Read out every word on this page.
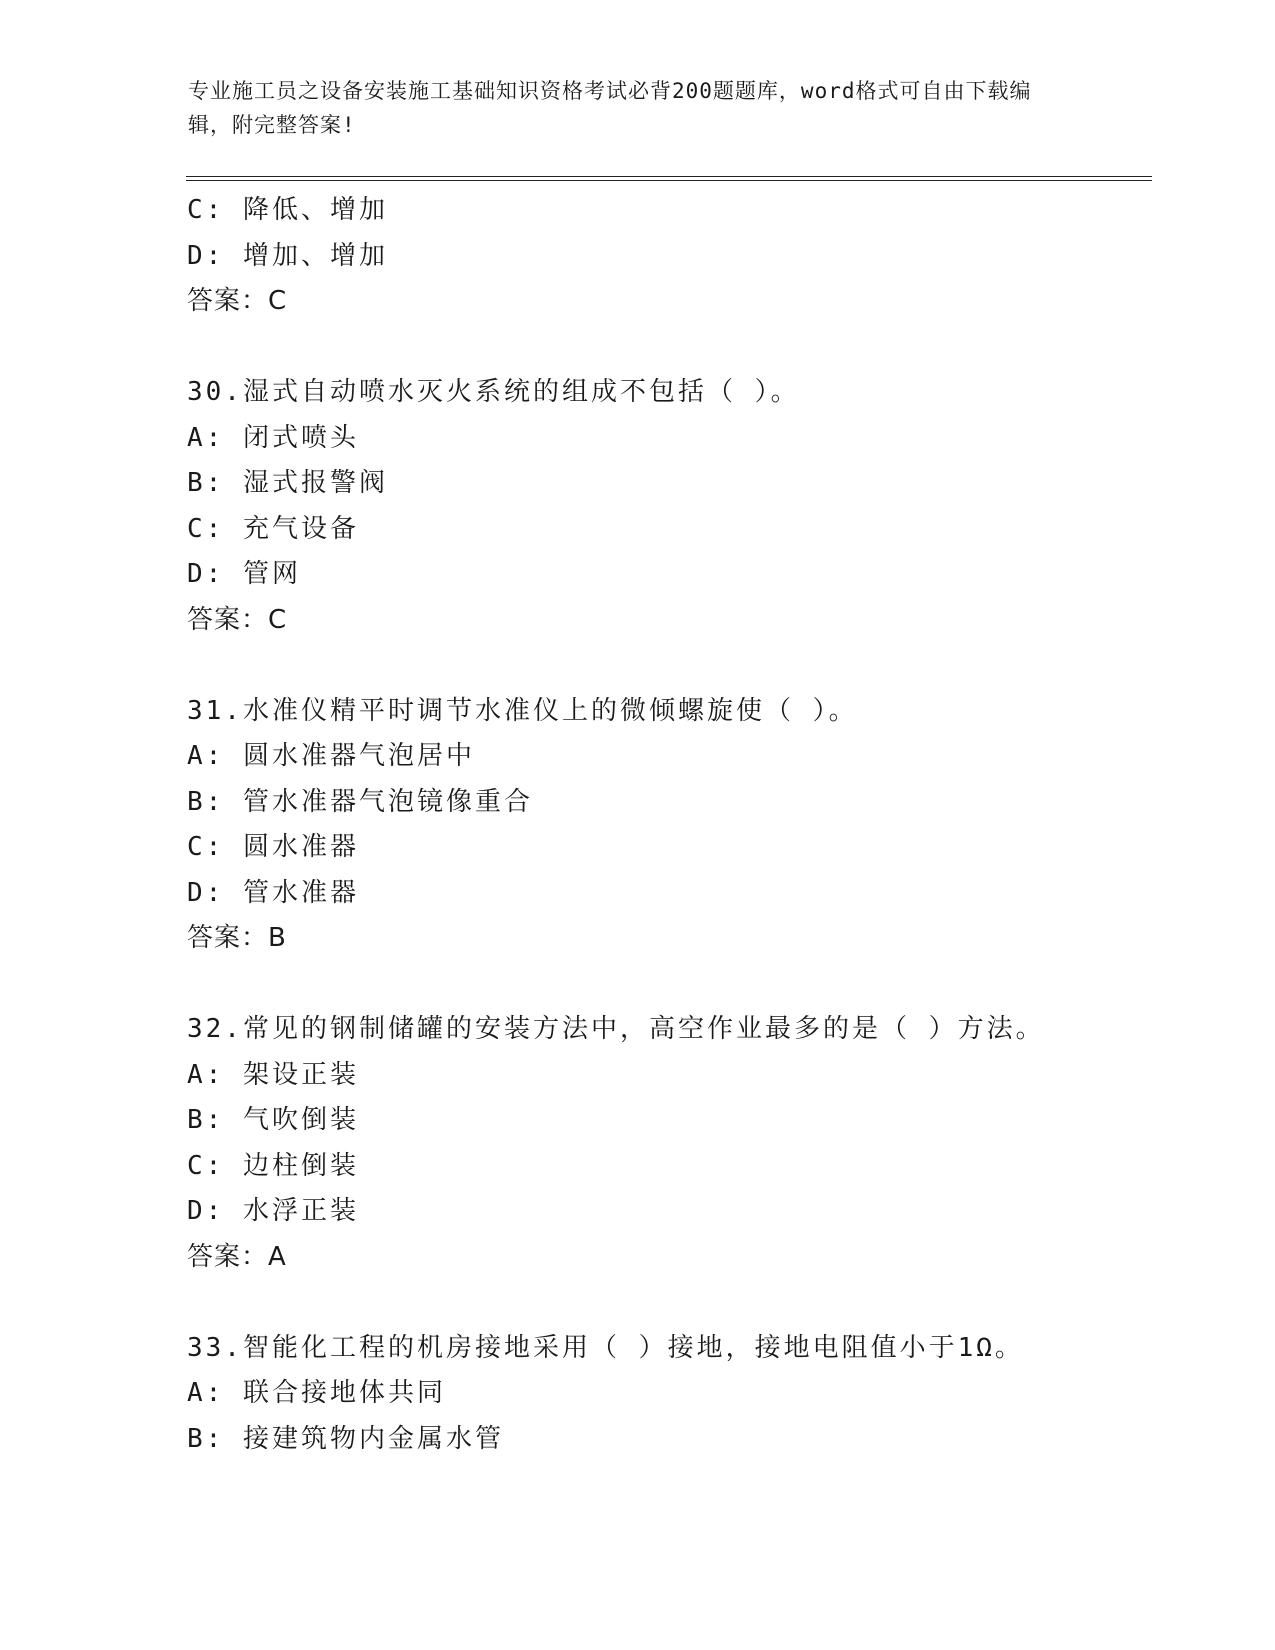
专业施工员之设备安装施工基础知识资格考试必背200题题库，word格式可自由下载编辑，附完整答案!
C: 降低、增加
D: 增加、增加
答案：C
30.湿式自动喷水灭火系统的组成不包括（ ）。
A: 闭式喷头
B: 湿式报警阀
C: 充气设备
D: 管网
答案：C
31.水准仪精平时调节水准仪上的微倾螺旋使（ ）。
A: 圆水准器气泡居中
B: 管水准器气泡镜像重合
C: 圆水准器
D: 管水准器
答案：B
32.常见的钢制储罐的安装方法中，高空作业最多的是（ ）方法。
A: 架设正装
B: 气吹倒装
C: 边柱倒装
D: 水浮正装
答案：A
33.智能化工程的机房接地采用（ ）接地，接地电阻值小于1Ω。
A: 联合接地体共同
B: 接建筑物内金属水管
